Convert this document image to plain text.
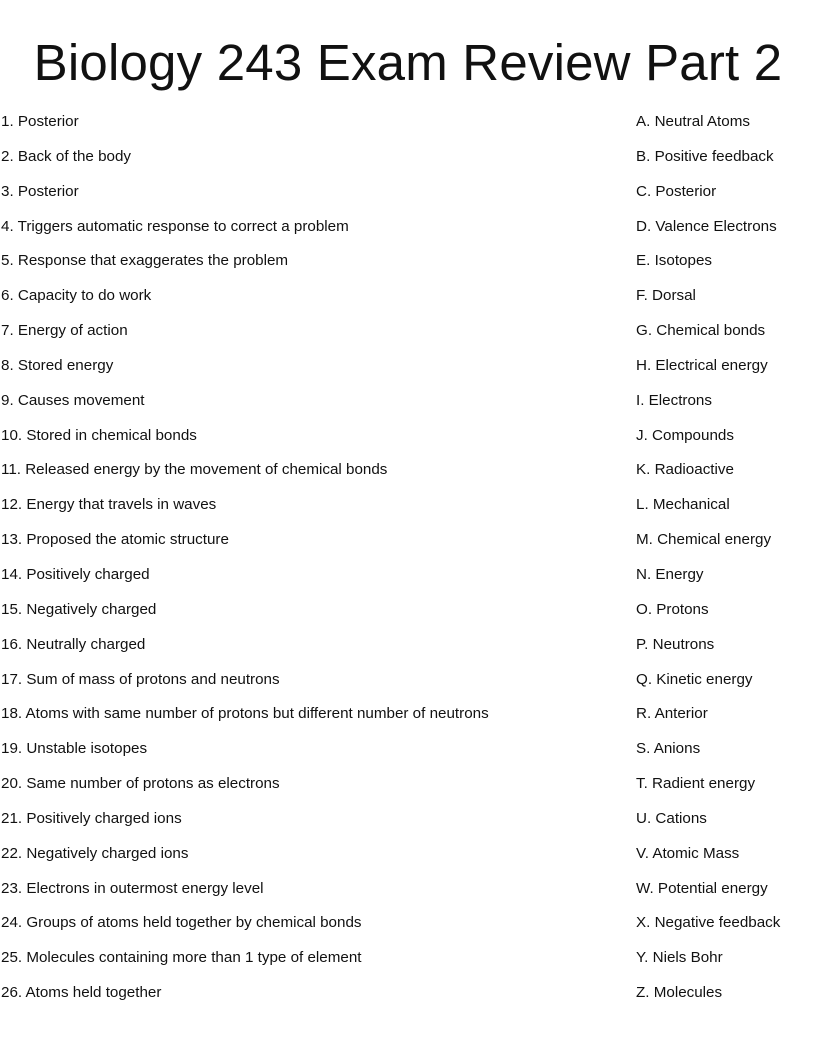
Biology 243 Exam Review Part 2
1. Posterior
2. Back of the body
3. Posterior
4. Triggers automatic response to correct a problem
5. Response that exaggerates the problem
6. Capacity to do work
7. Energy of action
8. Stored energy
9. Causes movement
10. Stored in chemical bonds
11. Released energy by the movement of chemical bonds
12. Energy that travels in waves
13. Proposed the atomic structure
14. Positively charged
15. Negatively charged
16. Neutrally charged
17. Sum of mass of protons and neutrons
18. Atoms with same number of protons but different number of neutrons
19. Unstable isotopes
20. Same number of protons as electrons
21. Positively charged ions
22. Negatively charged ions
23. Electrons in outermost energy level
24. Groups of atoms held together by chemical bonds
25. Molecules containing more than 1 type of element
26. Atoms held together
A. Neutral Atoms
B. Positive feedback
C. Posterior
D. Valence Electrons
E. Isotopes
F. Dorsal
G. Chemical bonds
H. Electrical energy
I. Electrons
J. Compounds
K. Radioactive
L. Mechanical
M. Chemical energy
N. Energy
O. Protons
P. Neutrons
Q. Kinetic energy
R. Anterior
S. Anions
T. Radient energy
U. Cations
V. Atomic Mass
W. Potential energy
X. Negative feedback
Y. Niels Bohr
Z. Molecules
